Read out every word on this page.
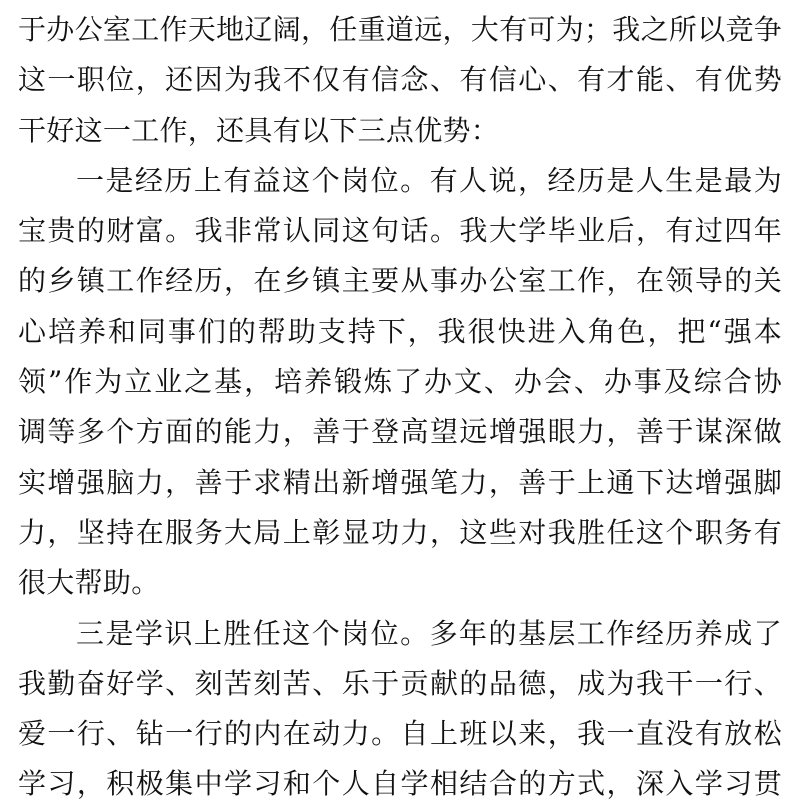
于办公室工作天地辽阔，任重道远，大有可为；我之所以竞争
这一职位，还因为我不仅有信念、有信心、有才能、有优势
干好这一工作，还具有以下三点优势：
一是经历上有益这个岗位。有人说，经历是人生是最为
宝贵的财富。我非常认同这句话。我大学毕业后，有过四年
的乡镇工作经历，在乡镇主要从事办公室工作，在领导的关
心培养和同事们的帮助支持下，我很快进入角色，把“强本
领”作为立业之基，培养锻炼了办文、办会、办事及综合协
调等多个方面的能力，善于登高望远增强眼力，善于谋深做
实增强脑力，善于求精出新增强笔力，善于上通下达增强脚
力，坚持在服务大局上彰显功力，这些对我胜任这个职务有
很大帮助。
三是学识上胜任这个岗位。多年的基层工作经历养成了
我勤奋好学、刻苦刻苦、乐于贡献的品德，成为我干一行、
爱一行、钻一行的内在动力。自上班以来，我一直没有放松
学习，积极集中学习和个人自学相结合的方式，深入学习贯
